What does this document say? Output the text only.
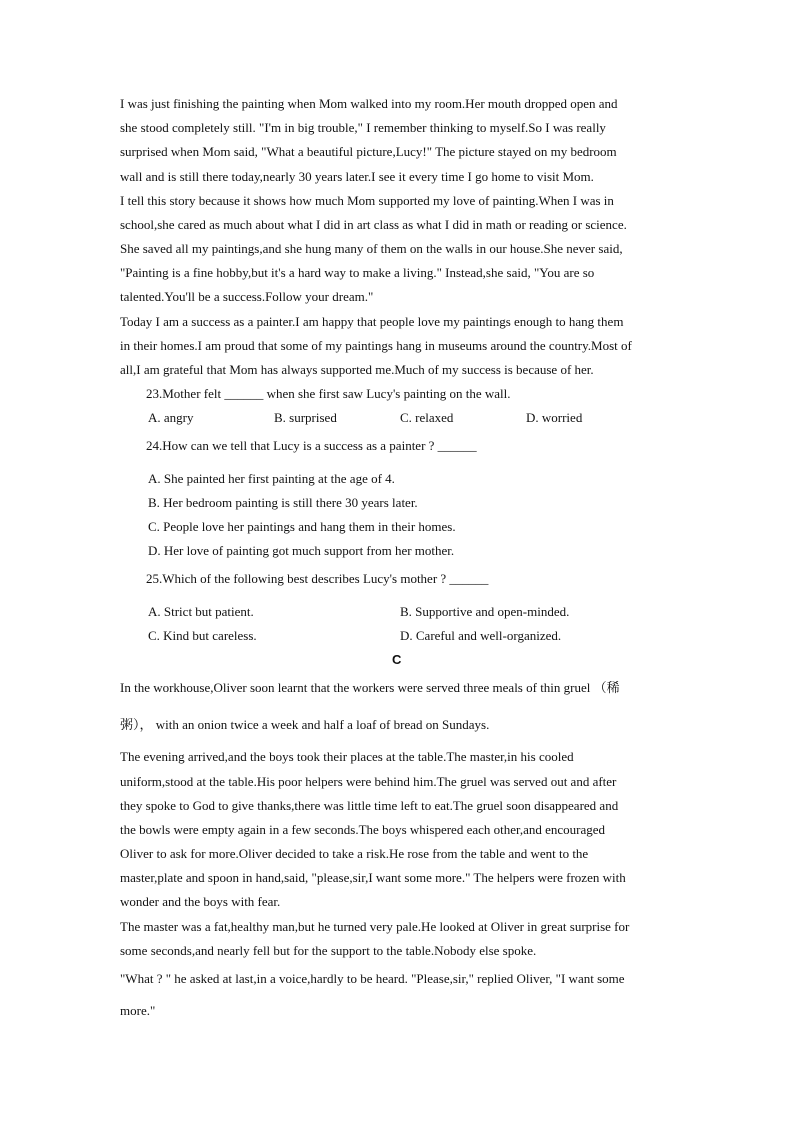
I was just finishing the painting when Mom walked into my room.Her mouth dropped open and
she stood completely still. "I'm in big trouble," I remember thinking to myself.So I was really
surprised when Mom said, "What a beautiful picture,Lucy!" The picture stayed on my bedroom
wall and is still there today,nearly 30 years later.I see it every time I go home to visit Mom.
I tell this story because it shows how much Mom supported my love of painting.When I was in
school,she cared as much about what I did in art class as what I did in math or reading or science.
She saved all my paintings,and she hung many of them on the walls in our house.She never said,
"Painting is a fine hobby,but it's a hard way to make a living." Instead,she said, "You are so
talented.You'll be a success.Follow your dream."
Today I am a success as a painter.I am happy that people love my paintings enough to hang them
in their homes.I am proud that some of my paintings hang in museums around the country.Most of
all,I am grateful that Mom has always supported me.Much of my success is because of her.
23.Mother felt ______ when she first saw Lucy's painting on the wall.
A. angry	B. surprised	C. relaxed	D. worried
24.How can we tell that Lucy is a success as a painter ? ______
A. She painted her first painting at the age of 4.
B. Her bedroom painting is still there 30 years later.
C. People love her paintings and hang them in their homes.
D. Her love of painting got much support from her mother.
25.Which of the following best describes Lucy's mother ? ______
A. Strict but patient.	B. Supportive and open-minded.
C. Kind but careless.	D. Careful and well-organized.
C
In the workhouse,Oliver soon learnt that the workers were served three meals of thin gruel （稀
粥）， with an onion twice a week and half a loaf of bread on Sundays.
The evening arrived,and the boys took their places at the table.The master,in his cooled
uniform,stood at the table.His poor helpers were behind him.The gruel was served out and after
they spoke to God to give thanks,there was little time left to eat.The gruel soon disappeared and
the bowls were empty again in a few seconds.The boys whispered each other,and encouraged
Oliver to ask for more.Oliver decided to take a risk.He rose from the table and went to the
master,plate and spoon in hand,said, "please,sir,I want some more." The helpers were frozen with
wonder and the boys with fear.
The master was a fat,healthy man,but he turned very pale.He looked at Oliver in great surprise for
some seconds,and nearly fell but for the support to the table.Nobody else spoke.
"What ? " he asked at last,in a voice,hardly to be heard. "Please,sir," replied Oliver, "I want some
more."
